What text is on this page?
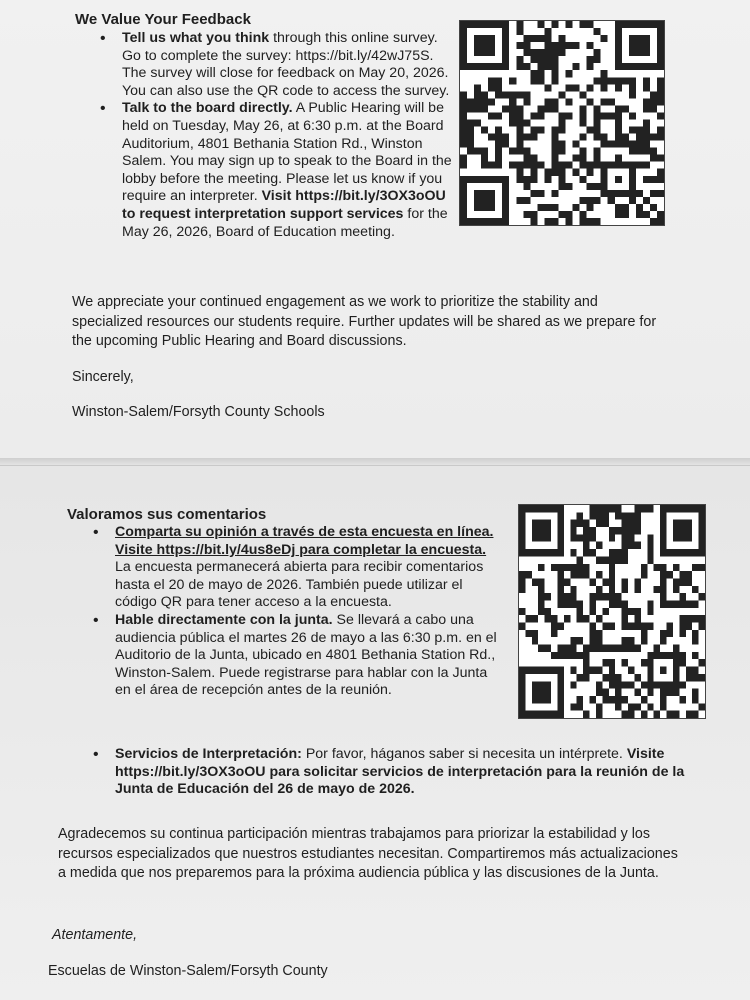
We Value Your Feedback
• Tell us what you think through this online survey. Go to complete the survey: https://bit.ly/42wJ75S. The survey will close for feedback on May 20, 2026. You can also use the QR code to access the survey.
• Talk to the board directly. A Public Hearing will be held on Tuesday, May 26, at 6:30 p.m. at the Board Auditorium, 4801 Bethania Station Rd., Winston Salem. You may sign up to speak to the Board in the lobby before the meeting. Please let us know if you require an interpreter. Visit https://bit.ly/3OX3oOU to request interpretation support services for the May 26, 2026, Board of Education meeting.

We appreciate your continued engagement as we work to prioritize the stability and specialized resources our students require. Further updates will be shared as we prepare for the upcoming Public Hearing and Board discussions.

Sincerely,
Winston-Salem/Forsyth County Schools
Valoramos sus comentarios
• Comparta su opinión a través de esta encuesta en línea. Visite https://bit.ly/4us8eDj para completar la encuesta. La encuesta permanecerá abierta para recibir comentarios hasta el 20 de mayo de 2026. También puede utilizar el código QR para tener acceso a la encuesta.
• Hable directamente con la junta. Se llevará a cabo una audiencia pública el martes 26 de mayo a las 6:30 p.m. en el Auditorio de la Junta, ubicado en 4801 Bethania Station Rd., Winston-Salem. Puede registrarse para hablar con la Junta en el área de recepción antes de la reunión.
• Servicios de Interpretación: Por favor, háganos saber si necesita un intérprete. Visite https://bit.ly/3OX3oOU para solicitar servicios de interpretación para la reunión de la Junta de Educación del 26 de mayo de 2026.

Agradecemos su continua participación mientras trabajamos para priorizar la estabilidad y los recursos especializados que nuestros estudiantes necesitan. Compartiremos más actualizaciones a medida que nos preparemos para la próxima audiencia pública y las discusiones de la Junta.

Atentamente,
Escuelas de Winston-Salem/Forsyth County
